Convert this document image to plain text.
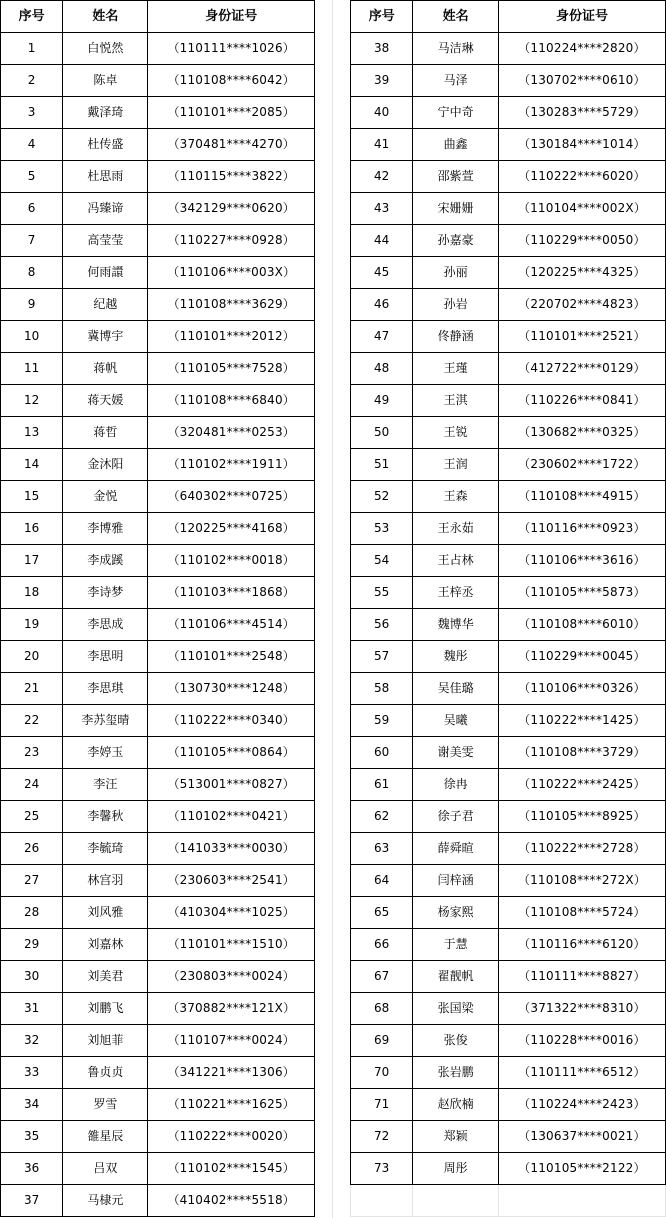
序号	姓名	身份证号
1	白悦然	（110111****1026）
2	陈卓	（110108****6042）
3	戴泽琦	（110101****2085）
4	杜传盛	（370481****4270）
5	杜思雨	（110115****3822）
6	冯臻谛	（342129****0620）
7	高莹莹	（110227****0928）
8	何雨譞	（110106****003X）
9	纪越	（110108****3629）
10	冀博宇	（110101****2012）
11	蒋帆	（110105****7528）
12	蒋天媛	（110108****6840）
13	蒋哲	（320481****0253）
14	金沐阳	（110102****1911）
15	金悦	（640302****0725）
16	李博雅	（120225****4168）
17	李成蹊	（110102****0018）
18	李诗梦	（110103****1868）
19	李思成	（110106****4514）
20	李思明	（110101****2548）
21	李思琪	（130730****1248）
22	李苏玺晴	（110222****0340）
23	李婷玉	（110105****0864）
24	李汪	（513001****0827）
25	李馨秋	（110102****0421）
26	李毓琦	（141033****0030）
27	林宫羽	（230603****2541）
28	刘风雅	（410304****1025）
29	刘嘉林	（110101****1510）
30	刘美君	（230803****0024）
31	刘鹏飞	（370882****121X）
32	刘旭菲	（110107****0024）
33	鲁贞贞	（341221****1306）
34	罗雪	（110221****1625）
35	雒星辰	（110222****0020）
36	吕双	（110102****1545）
37	马棣元	（410402****5518）
序号	姓名	身份证号
38	马洁琳	（110224****2820）
39	马泽	（130702****0610）
40	宁中奇	（130283****5729）
41	曲鑫	（130184****1014）
42	邵紫萱	（110222****6020）
43	宋姗姗	（110104****002X）
44	孙嘉豪	（110229****0050）
45	孙丽	（120225****4325）
46	孙岩	（220702****4823）
47	佟静涵	（110101****2521）
48	王瑾	（412722****0129）
49	王淇	（110226****0841）
50	王锐	（130682****0325）
51	王润	（230602****1722）
52	王森	（110108****4915）
53	王永茹	（110116****0923）
54	王占林	（110106****3616）
55	王梓丞	（110105****5873）
56	魏博华	（110108****6010）
57	魏彤	（110229****0045）
58	吴佳璐	（110106****0326）
59	吴曦	（110222****1425）
60	谢美雯	（110108****3729）
61	徐冉	（110222****2425）
62	徐子君	（110105****8925）
63	薛舜暄	（110222****2728）
64	闫梓涵	（110108****272X）
65	杨家熙	（110108****5724）
66	于慧	（110116****6120）
67	翟靓帆	（110111****8827）
68	张国梁	（371322****8310）
69	张俊	（110228****0016）
70	张岩鹏	（110111****6512）
71	赵欣楠	（110224****2423）
72	郑颖	（130637****0021）
73	周彤	（110105****2122）
